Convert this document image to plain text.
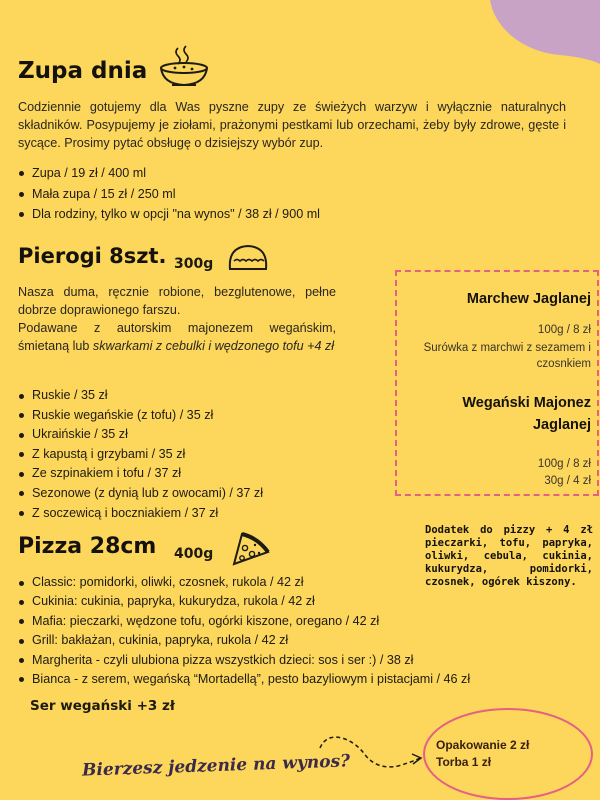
Zupa dnia

Codziennie gotujemy dla Was pyszne zupy ze świeżych warzyw i wyłącznie naturalnych składników. Posypujemy je ziołami, prażonymi pestkami lub orzechami, żeby były zdrowe, gęste i sycące. Prosimy pytać obsługę o dzisiejszy wybór zup.

Zupa / 19 zł / 400 ml
Mała zupa / 15 zł / 250 ml
Dla rodziny, tylko w opcji "na wynos" / 38 zł / 900 ml
Pierogi 8szt. 300g

Nasza duma, ręcznie robione, bezglutenowe, pełne dobrze doprawionego farszu.

Podawane z autorskim majonezem wegańskim, śmietaną lub skwarkami z cebulki i wędzonego tofu +4 zł

Ruskie / 35 zł
Ruskie wegańskie (z tofu) / 35 zł
Ukraińskie / 35 zł
Z kapustą i grzybami / 35 zł
Ze szpinakiem i tofu / 37 zł
Sezonowe (z dynią lub z owocami) / 37 zł
Z soczewicą i boczniakiem / 37 zł
Marchew Jaglanej
100g / 8 zł
Surówka z marchwi z sezamem i czosnkiem
Wegański Majonez Jaglanej
100g / 8 zł
30g / 4 zł
Pizza 28cm 400g
Dodatek do pizzy + 4 zł pieczarki, tofu, papryka, oliwki, cebula, cukinia, kukurydza, pomidorki, czosnek, ogórek kiszony.
Classic: pomidorki, oliwki, czosnek, rukola / 42 zł
Cukinia: cukinia, papryka, kukurydza, rukola / 42 zł
Mafia: pieczarki, wędzone tofu, ogórki kiszone, oregano / 42 zł
Grill: bakłażan, cukinia, papryka, rukola / 42 zł
Margherita - czyli ulubiona pizza wszystkich dzieci: sos i ser :) / 38 zł
Bianca - z serem, wegańską “Mortadellą”, pesto bazyliowym i pistacjami / 46 zł
Ser wegański +3 zł
Bierzesz jedzenie na wynos?
Opakowanie 2 zł
Torba 1 zł
